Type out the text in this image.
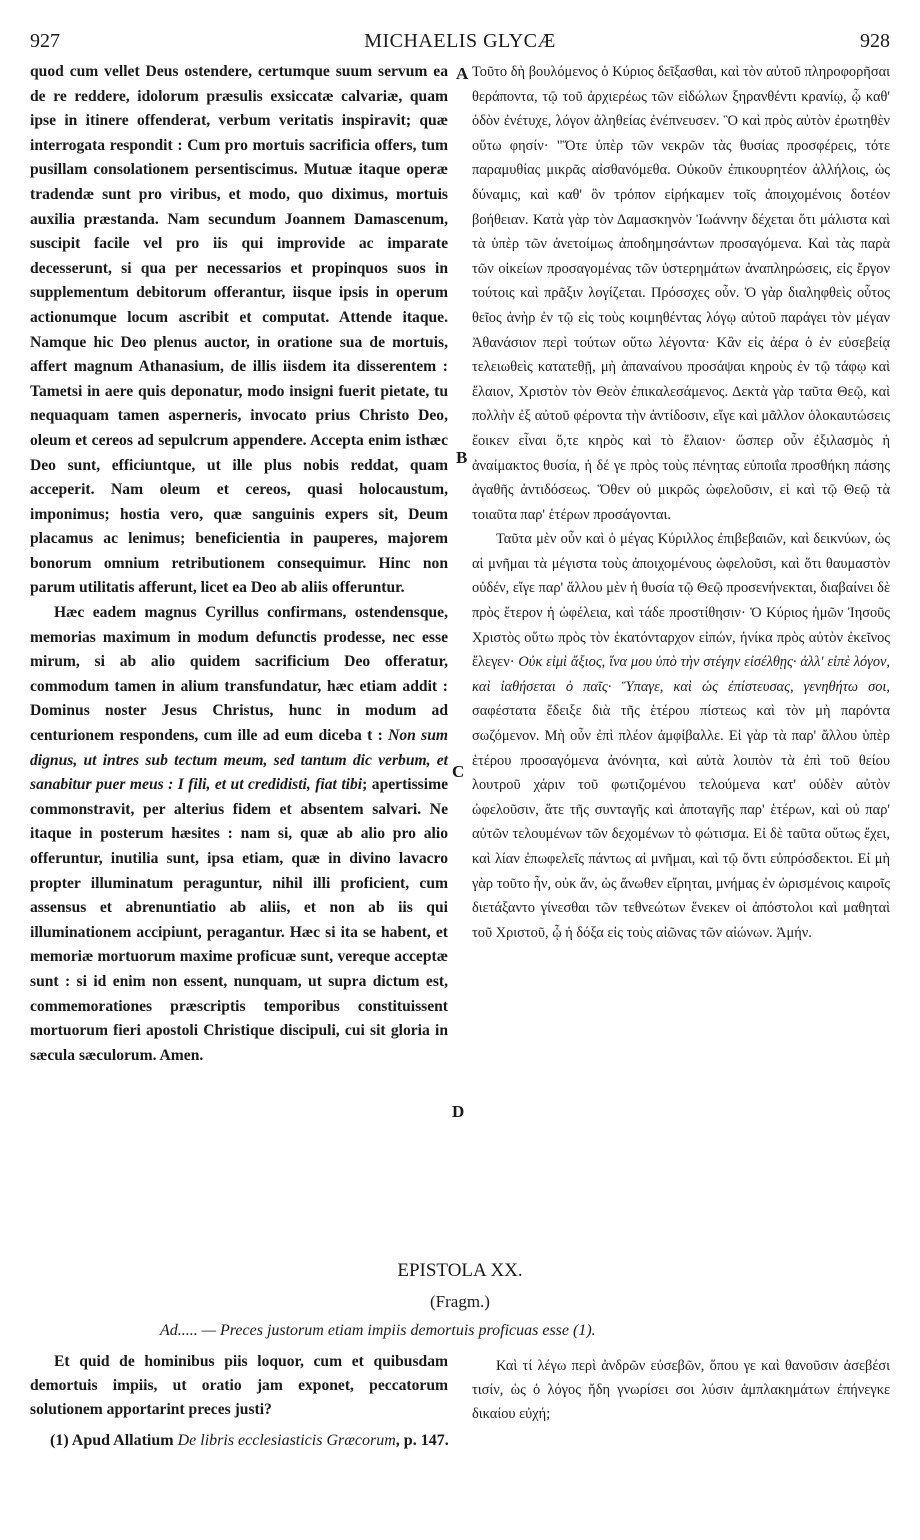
927	MICHAELIS GLYCÆ	928

quod cum vellet Deus ostendere, certumque suum servum ea de re reddere, idolorum præsulis exsiccatæ calvariæ, quam ipse in itinere offenderat, verbum veritatis inspiravit; quæ interrogata respondit : Cum pro mortuis sacrificia offers, tum pusillam consolationem persentiscimus. Mutuæ itaque operæ tradendæ sunt pro viribus, et modo, quo diximus, mortuis auxilia præstanda. Nam secundum Joannem Damascenum, suscipit facile vel pro iis qui improvide ac imparate decesserunt, si qua per necessarios et propinquos suos in supplementum debitorum offerantur, iisque ipsis in operum actionumque locum ascribit et computat. Attende itaque. Namque hic Deo plenus auctor, in oratione sua de mortuis, affert magnum Athanasium, de illis iisdem ita disserentem : Tametsi in aere quis deponatur, modo insigni fuerit pietate, tu nequaquam tamen asperneris, invocato prius Christo Deo, oleum et cereos ad sepulcrum appendere. Accepta enim isthæc Deo sunt, efficiuntque, ut ille plus nobis reddat, quam acceperit. Nam oleum et cereos, quasi holocaustum, imponimus; hostia vero, quæ sanguinis expers sit, Deum placamus ac lenimus; beneficientia in pauperes, majorem bonorum omnium retributionem consequimur. Hinc non parum utilitatis afferunt, licet ea Deo ab aliis offeruntur.

Hæc eadem magnus Cyrillus confirmans, ostendensque, memorias maximum in modum defunctis prodesse, nec esse mirum, si ab alio quidem sacrificium Deo offeratur, commodum tamen in alium transfundatur, hæc etiam addit : Dominus noster Jesus Christus, hunc in modum ad centurionem respondens, cum ille ad eum diceba t : Non sum dignus, ut intres sub tectum meum, sed tantum dic verbum, et sanabitur puer meus : I fili, et ut credidisti, fiat tibi; apertissime commonstravit, per alterius fidem et absentem salvari. Ne itaque in posterum hæsites : nam si, quæ ab alio pro alio offeruntur, inutilia sunt, ipsa etiam, quæ in divino lavacro propter illuminatum peraguntur, nihil illi proficient, cum assensus et abrenuntiatio ab aliis, et non ab iis qui illuminationem accipiunt, peragantur. Hæc si ita se habent, et memoriæ mortuorum maxime proficuæ sunt, vereque acceptæ sunt : si id enim non essent, nunquam, ut supra dictum est, commemorationes præscriptis temporibus constituissent mortuorum fieri apostoli Christique discipuli, cui sit gloria in sæcula sæculorum. Amen.

A
B
C
D

Τοῦτο δὴ βουλόμενος ὁ Κύριος δεῖξασθαι, καὶ τὸν αὐτοῦ πληροφορῆσαι θεράποντα, τῷ τοῦ ἀρχιερέως τῶν εἰδώλων ξηρανθέντι κρανίῳ, ᾧ καθ' ὁδὸν ἐνέτυχε, λόγον ἀληθείας ἐνέπνευσεν. Ὃ καὶ πρὸς αὐτὸν ἐρωτηθὲν οὕτω φησίν· "Ὅτε ὑπὲρ τῶν νεκρῶν τὰς θυσίας προσφέρεις, τότε παραμυθίας μικρᾶς αἰσθανόμεθα. Οὐκοῦν ἐπικουρητέον ἀλλήλοις, ὡς δύναμις, καὶ καθ' ὃν τρόπον εἰρήκαμεν τοῖς ἀποιχομένοις δοτέον βοήθειαν. Κατὰ γὰρ τὸν Δαμασκηνὸν Ἰωάννην δέχεται ὅτι μάλιστα καὶ τὰ ὑπὲρ τῶν ἀνετοίμως ἀποδημησάντων προσαγόμενα. Καὶ τὰς παρὰ τῶν οἰκείων προσαγομένας τῶν ὑστερημάτων ἀναπληρώσεις, εἰς ἔργον τούτοις καὶ πρᾶξιν λογίζεται. Πρόσσχες οὖν. Ὁ γὰρ διαληφθεὶς οὗτος θεῖος ἀνὴρ ἐν τῷ εἰς τοὺς κοιμηθέντας λόγῳ αὐτοῦ παράγει τὸν μέγαν Ἀθανάσιον περὶ τούτων οὕτω λέγοντα· Κἂν εἰς ἀέρα ὁ ἐν εὐσεβείᾳ τελειωθεὶς κατατεθῇ, μὴ ἀπαναίνου προσάψαι κηροὺς ἐν τῷ τάφῳ καὶ ἔλαιον, Χριστὸν τὸν Θεὸν ἐπικαλεσάμενος. Δεκτὰ γὰρ ταῦτα Θεῷ, καὶ πολλὴν ἐξ αὐτοῦ φέροντα τὴν ἀντίδοσιν, εἴγε καὶ μᾶλλον ὁλοκαυτώσεις ἔοικεν εἶναι ὅ,τε κηρὸς καὶ τὸ ἔλαιον· ὥσπερ οὖν ἐξιλασμὸς ἡ ἀναίμακτος θυσία, ἡ δέ γε πρὸς τοὺς πένητας εὐποιΐα προσθήκη πάσης ἀγαθῆς ἀντιδόσεως. Ὅθεν οὐ μικρῶς ὠφελοῦσιν, εἰ καὶ τῷ Θεῷ τὰ τοιαῦτα παρ' ἑτέρων προσάγονται.

Ταῦτα μὲν οὖν καὶ ὁ μέγας Κύριλλος ἐπιβεβαιῶν, καὶ δεικνύων, ὡς αἱ μνῆμαι τὰ μέγιστα τοὺς ἀποιχομένους ὠφελοῦσι, καὶ ὅτι θαυμαστὸν οὐδέν, εἴγε παρ' ἄλλου μὲν ἡ θυσία τῷ Θεῷ προσενήνεκται, διαβαίνει δὲ πρὸς ἕτερον ἡ ὠφέλεια, καὶ τάδε προστίθησιν· Ὁ Κύριος ἡμῶν Ἰησοῦς Χριστὸς οὕτω πρὸς τὸν ἑκατόνταρχον εἰπών, ἡνίκα πρὸς αὐτὸν ἐκεῖνος ἔλεγεν· Οὐκ εἰμὶ ἄξιος, ἵνα μου ὑπὸ τὴν στέγην εἰσέλθῃς· ἀλλ' εἰπὲ λόγον, καὶ ἰαθήσεται ὁ παῖς· Ὕπαγε, καὶ ὡς ἐπίστευσας, γενηθήτω σοι, σαφέστατα ἔδειξε διὰ τῆς ἑτέρου πίστεως καὶ τὸν μὴ παρόντα σωζόμενον. Μὴ οὖν ἐπὶ πλέον ἀμφίβαλλε. Εἰ γὰρ τὰ παρ' ἄλλου ὑπὲρ ἑτέρου προσαγόμενα ἀνόνητα, καὶ αὐτὰ λοιπὸν τὰ ἐπὶ τοῦ θείου λουτροῦ χάριν τοῦ φωτιζομένου τελούμενα κατ' οὐδὲν αὐτὸν ὠφελοῦσιν, ἅτε τῆς συνταγῆς καὶ ἀποταγῆς παρ' ἑτέρων, καὶ οὐ παρ' αὐτῶν τελουμένων τῶν δεχομένων τὸ φώτισμα. Εἰ δὲ ταῦτα οὕτως ἔχει, καὶ λίαν ἐπωφελεῖς πάντως αἱ μνῆμαι, καὶ τῷ ὄντι εὐπρόσδεκτοι. Εἰ μὴ γὰρ τοῦτο ἦν, οὐκ ἄν, ὡς ἄνωθεν εἴρηται, μνήμας ἐν ὡρισμένοις καιροῖς διετάξαντο γίνεσθαι τῶν τεθνεώτων ἕνεκεν οἱ ἀπόστολοι καὶ μαθηταὶ τοῦ Χριστοῦ, ᾧ ἡ δόξα εἰς τοὺς αἰῶνας τῶν αἰώνων. Ἀμήν.

EPISTOLA XX.
(Fragm.)
Ad..... — Preces justorum etiam impiis demortuis proficuas esse (1).

Et quid de hominibus piis loquor, cum et quibusdam demortuis impiis, ut oratio jam exponet, peccatorum solutionem apportarint preces justi?

Καὶ τί λέγω περὶ ἀνδρῶν εὐσεβῶν, ὅπου γε καὶ θανοῦσιν ἀσεβέσι τισίν, ὡς ὁ λόγος ἤδη γνωρίσει σοι λύσιν ἀμπλακημάτων ἐπήνεγκε δικαίου εὐχή;

(1) Apud Allatium De libris ecclesiasticis Græcorum, p. 147.
